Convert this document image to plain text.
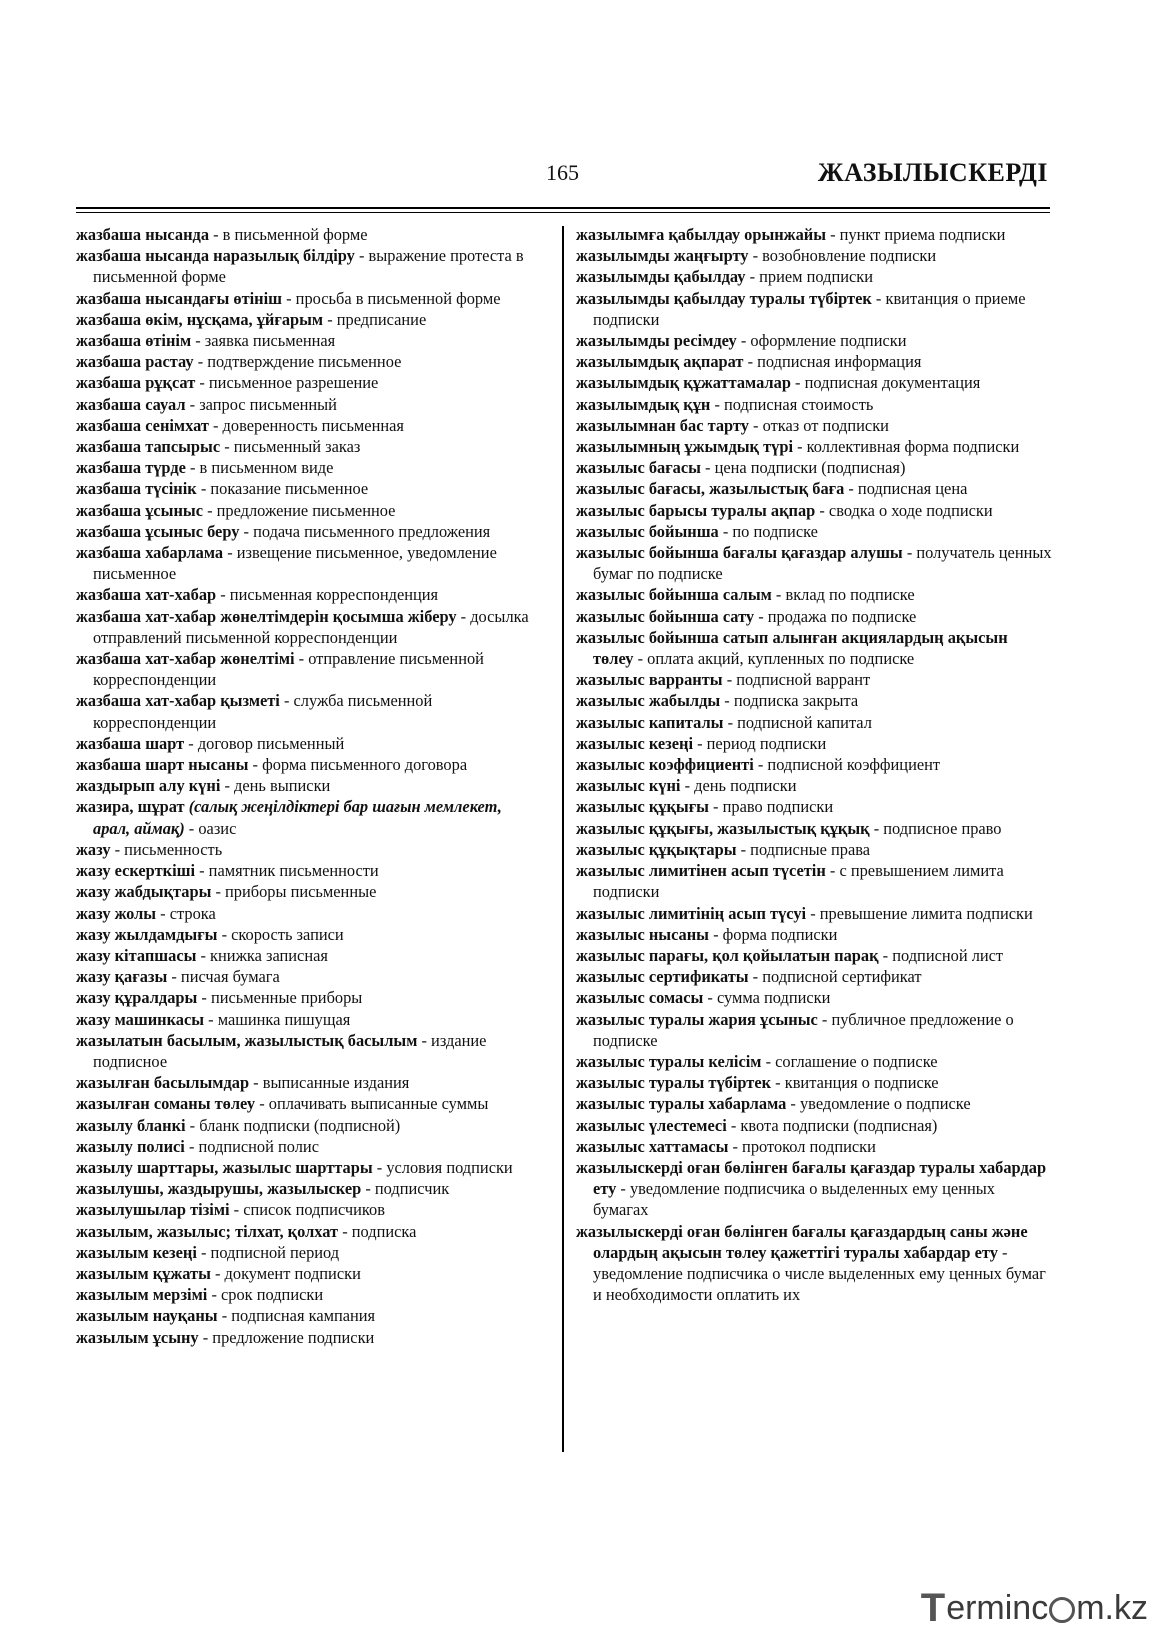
165	ЖАЗЫЛЫСКЕРДІ

жазбаша нысанда - в письменной форме

жазбаша нысанда наразылық білдіру - выражение протеста в письменной форме

жазбаша нысандағы өтініш - просьба в письменной форме

жазбаша өкім, нұсқама, ұйғарым - предписание

жазбаша өтінім - заявка письменная

жазбаша растау - подтверждение письменное

жазбаша рұқсат - письменное разрешение

жазбаша сауал - запрос письменный

жазбаша сенімхат - доверенность письменная

жазбаша тапсырыс - письменный заказ

жазбаша түрде - в письменном виде

жазбаша түсінік - показание письменное

жазбаша ұсыныс - предложение письменное

жазбаша ұсыныс беру - подача письменного предложения

жазбаша хабарлама - извещение письменное, уведомление письменное

жазбаша хат-хабар - письменная корреспонденция

жазбаша хат-хабар жөнелтімдерін қосымша жіберу - досылка отправлений письменной корреспонденции

жазбаша хат-хабар жөнелтімі - отправление письменной корреспонденции

жазбаша хат-хабар қызметі - служба письменной корреспонденции

жазбаша шарт - договор письменный

жазбаша шарт нысаны - форма письменного договора

жаздырып алу күні - день выписки

жазира, шұрат (салық жеңілдіктері бар шағын мемлекет, арал, аймақ) - оазис

жазу - письменность

жазу ескерткіші - памятник письменности

жазу жабдықтары - приборы письменные

жазу жолы - строка

жазу жылдамдығы - скорость записи

жазу кітапшасы - книжка записная

жазу қағазы - писчая бумага

жазу құралдары - письменные приборы

жазу машинкасы - машинка пишущая

жазылатын басылым, жазылыстық басылым - издание подписное

жазылған басылымдар - выписанные издания

жазылған соманы төлеу - оплачивать выписанные суммы

жазылу бланкі - бланк подписки (подписной)

жазылу полисі - подписной полис

жазылу шарттары, жазылыс шарттары - условия подписки

жазылушы, жаздырушы, жазылыскер - подписчик

жазылушылар тізімі - список подписчиков

жазылым, жазылыс; тілхат, қолхат - подписка

жазылым кезеңі - подписной период

жазылым құжаты - документ подписки

жазылым мерзімі - срок подписки

жазылым науқаны - подписная кампания

жазылым ұсыну - предложение подписки

жазылымға қабылдау орынжайы - пункт приема подписки

жазылымды жаңғырту - возобновление подписки

жазылымды қабылдау - прием подписки

жазылымды қабылдау туралы түбіртек - квитанция о приеме подписки

жазылымды ресімдеу - оформление подписки

жазылымдық ақпарат - подписная информация

жазылымдық құжаттамалар - подписная документация

жазылымдық құн - подписная стоимость

жазылымнан бас тарту - отказ от подписки

жазылымның ұжымдық түрі - коллективная форма подписки

жазылыс бағасы - цена подписки (подписная)

жазылыс бағасы, жазылыстық баға - подписная цена

жазылыс барысы туралы ақпар - сводка о ходе подписки

жазылыс бойынша - по подписке

жазылыс бойынша бағалы қағаздар алушы - получатель ценных бумаг по подписке

жазылыс бойынша салым - вклад по подписке

жазылыс бойынша сату - продажа по подписке

жазылыс бойынша сатып алынған акциялардың ақысын төлеу - оплата акций, купленных по подписке

жазылыс варранты - подписной варрант

жазылыс жабылды - подписка закрыта

жазылыс капиталы - подписной капитал

жазылыс кезеңі - период подписки

жазылыс коэффициенті - подписной коэффициент

жазылыс күні - день подписки

жазылыс құқығы - право подписки

жазылыс құқығы, жазылыстық құқық - подписное право

жазылыс құқықтары - подписные права

жазылыс лимитінен асып түсетін - с превышением лимита подписки

жазылыс лимитінің асып түсуі - превышение лимита подписки

жазылыс нысаны - форма подписки

жазылыс парағы, қол қойылатын парақ - подписной лист

жазылыс сертификаты - подписной сертификат

жазылыс сомасы - сумма подписки

жазылыс туралы жария ұсыныс - публичное предложение о подписке

жазылыс туралы келісім - соглашение о подписке

жазылыс туралы түбіртек - квитанция о подписке

жазылыс туралы хабарлама - уведомление о подписке

жазылыс үлестемесі - квота подписки (подписная)

жазылыс хаттамасы - протокол подписки

жазылыскерді оған бөлінген бағалы қағаздар туралы хабардар ету - уведомление подписчика о выделенных ему ценных бумагах

жазылыскерді оған бөлінген бағалы қағаздардың саны және олардың ақысын төлеу қажеттігі туралы хабардар ету - уведомление подписчика о числе выделенных ему ценных бумаг и необходимости оплатить их

T erminc m.kz
